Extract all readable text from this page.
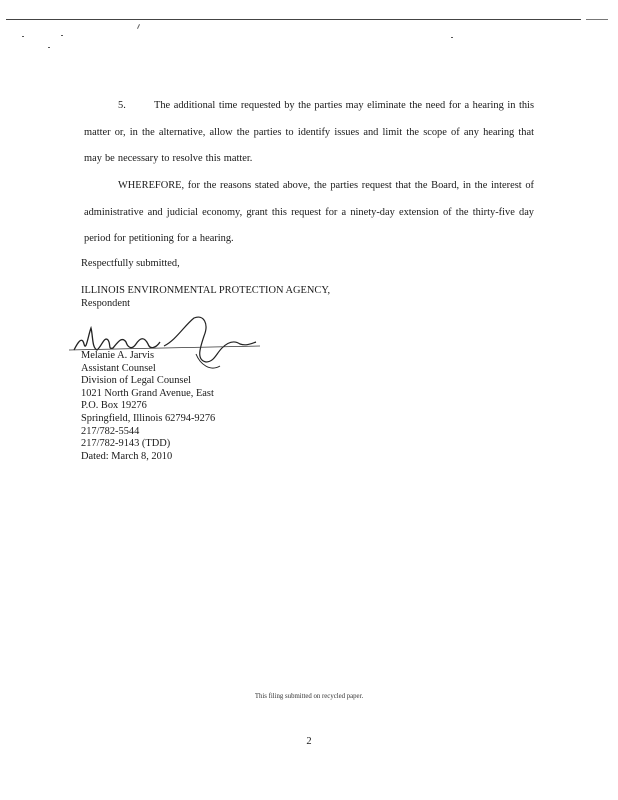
5.	The additional time requested by the parties may eliminate the need for a hearing in this matter or, in the alternative, allow the parties to identify issues and limit the scope of any hearing that may be necessary to resolve this matter.

WHEREFORE, for the reasons stated above, the parties request that the Board, in the interest of administrative and judicial economy, grant this request for a ninety-day extension of the thirty-five day period for petitioning for a hearing.

Respectfully submitted,
ILLINOIS ENVIRONMENTAL PROTECTION AGENCY,
Respondent
Melanie A. Jarvis
Assistant Counsel
Division of Legal Counsel
1021 North Grand Avenue, East
P.O. Box 19276
Springfield, Illinois 62794-9276
217/782-5544
217/782-9143 (TDD)
Dated: March 8, 2010
This filing submitted on recycled paper.
2
